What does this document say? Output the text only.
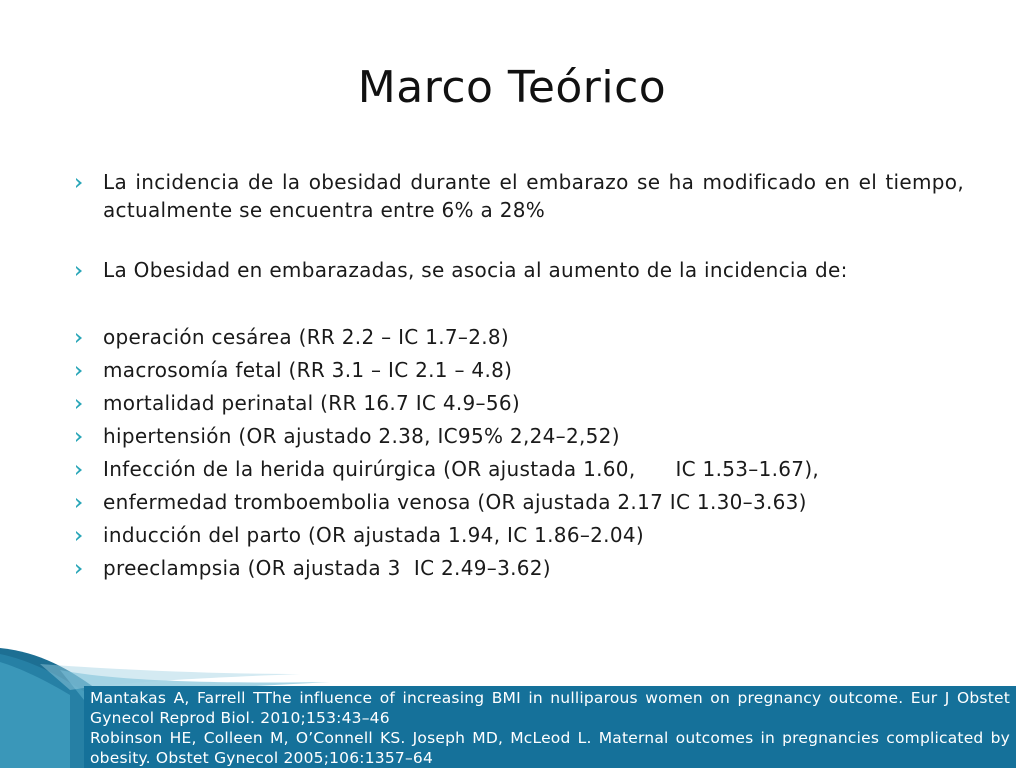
Marco Teórico
La incidencia de la obesidad durante el embarazo se ha modificado en el tiempo, actualmente se encuentra entre 6% a 28%
La Obesidad en embarazadas, se asocia al aumento de la incidencia de:
operación cesárea (RR 2.2 – IC 1.7–2.8)
macrosomía fetal (RR 3.1 – IC 2.1 – 4.8)
mortalidad perinatal (RR 16.7 IC 4.9–56)
hipertensión (OR ajustado 2.38, IC95% 2,24–2,52)
Infección de la herida quirúrgica (OR ajustada 1.60,      IC 1.53–1.67),
enfermedad tromboembolia venosa (OR ajustada 2.17 IC 1.30–3.63)
inducción del parto (OR ajustada 1.94, IC 1.86–2.04)
preeclampsia (OR ajustada 3  IC 2.49–3.62)
Mantakas A, Farrell TThe influence of increasing BMI in nulliparous women on pregnancy outcome. Eur J Obstet Gynecol Reprod Biol. 2010;153:43–46
Robinson HE, Colleen M, O’Connell KS. Joseph MD, McLeod L. Maternal outcomes in pregnancies complicated by obesity. Obstet Gynecol 2005;106:1357–64
